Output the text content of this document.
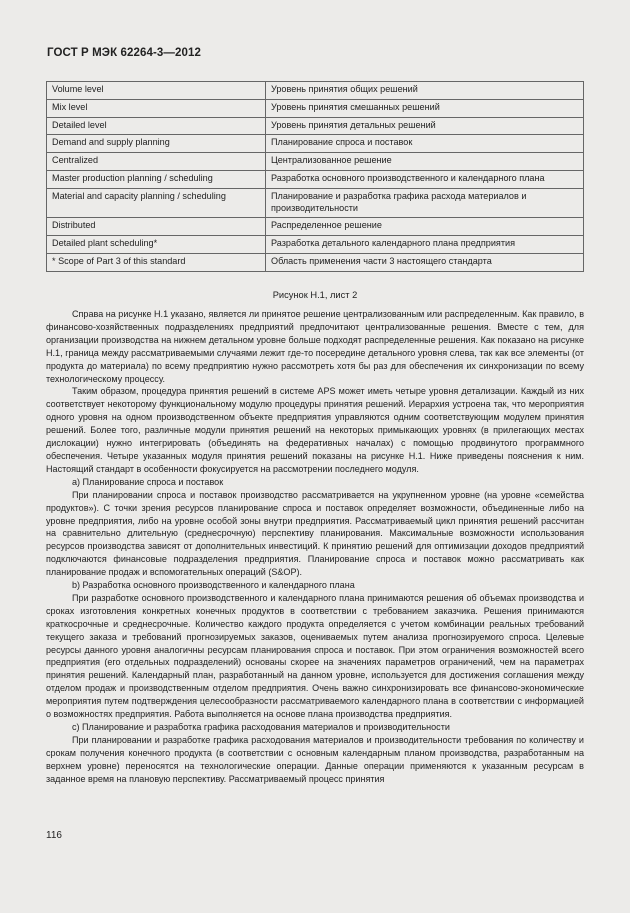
ГОСТ Р МЭК 62264-3—2012
Volume level	Уровень принятия общих решений
Mix level	Уровень принятия смешанных решений
Detailed level	Уровень принятия детальных решений
Demand and supply planning	Планирование спроса и поставок
Centralized	Централизованное решение
Master production planning / scheduling	Разработка основного производственного и календарного плана
Material and capacity planning / scheduling	Планирование и разработка графика расхода материалов и производительности
Distributed	Распределенное решение
Detailed plant scheduling*	Разработка детального календарного плана предприятия
* Scope of Part 3 of this standard	Область применения части 3 настоящего стандарта
Рисунок Н.1, лист 2

Справа на рисунке Н.1 указано, является ли принятое решение централизованным или распределенным. Как правило, в финансово-хозяйственных подразделениях предприятий предпочитают централизованные решения. Вместе с тем, для организации производства на нижнем детальном уровне больше подходят распределенные решения. Как показано на рисунке Н.1, граница между рассматриваемыми случаями лежит где-то посередине детального уровня слева, так как все элементы (от продукта до материала) по всему предприятию нужно рассмотреть хотя бы раз для обеспечения их синхронизации по всему технологическому процессу.

Таким образом, процедура принятия решений в системе APS может иметь четыре уровня детализации. Каждый из них соответствует некоторому функциональному модулю процедуры принятия решений. Иерархия устроена так, что мероприятия одного уровня на одном производственном объекте предприятия управляются одним соответствующим модулем принятия решений. Более того, различные модули принятия решений на некоторых примыкающих уровнях (в прилегающих местах дислокации) нужно интегрировать (объединять на федеративных началах) с помощью продвинутого программного обеспечения. Четыре указанных модуля принятия решений показаны на рисунке Н.1. Ниже приведены пояснения к ним. Настоящий стандарт в особенности фокусируется на рассмотрении последнего модуля.

a) Планирование спроса и поставок

При планировании спроса и поставок производство рассматривается на укрупненном уровне (на уровне «семейства продуктов»). С точки зрения ресурсов планирование спроса и поставок определяет возможности, объединенные либо на уровне предприятия, либо на уровне особой зоны внутри предприятия. Рассматриваемый цикл принятия решений рассчитан на сравнительно длительную (среднесрочную) перспективу планирования. Максимальные возможности использования ресурсов производства зависят от дополнительных инвестиций. К принятию решений для оптимизации доходов предприятий подключаются финансовые подразделения предприятия. Планирование спроса и поставок можно рассматривать как планирование продаж и вспомогательных операций (S&OP).

b) Разработка основного производственного и календарного плана

При разработке основного производственного и календарного плана принимаются решения об объемах производства и сроках изготовления конкретных конечных продуктов в соответствии с требованием заказчика. Решения принимаются краткосрочные и среднесрочные. Количество каждого продукта определяется с учетом комбинации реальных требований текущего заказа и требований прогнозируемых заказов, оцениваемых путем анализа прогнозируемого спроса. Целевые ресурсы данного уровня аналогичны ресурсам планирования спроса и поставок. При этом ограничения возможностей всего предприятия (его отдельных подразделений) основаны скорее на значениях параметров ограничений, чем на параметрах принятия решений. Календарный план, разработанный на данном уровне, используется для достижения соглашения между отделом продаж и производственным отделом предприятия. Очень важно синхронизировать все финансово-экономические мероприятия путем подтверждения целесообразности рассматриваемого календарного плана в соответствии с информацией о возможностях предприятия. Работа выполняется на основе плана производства предприятия.

c) Планирование и разработка графика расходования материалов и производительности

При планировании и разработке графика расходования материалов и производительности требования по количеству и срокам получения конечного продукта (в соответствии с основным календарным планом производства, разработанным на верхнем уровне) переносятся на технологические операции. Данные операции применяются к указанным ресурсам в заданное время на плановую перспективу. Рассматриваемый процесс принятия

116
